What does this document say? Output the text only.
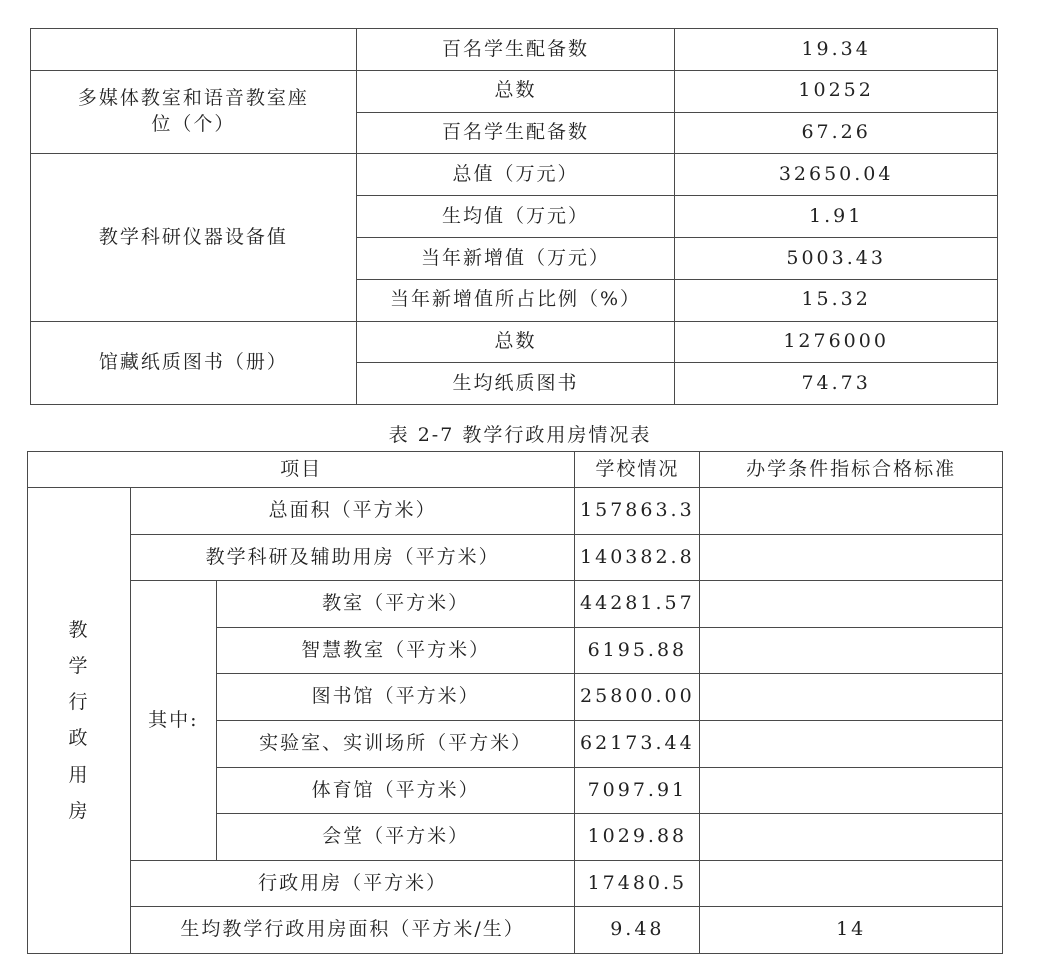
	百名学生配备数	19.34
多媒体教室和语音教室座位（个）	总数	10252
	百名学生配备数	67.26
教学科研仪器设备值	总值（万元）	32650.04
	生均值（万元）	1.91
	当年新增值（万元）	5003.43
	当年新增值所占比例（%）	15.32
馆藏纸质图书（册）	总数	1276000
	生均纸质图书	74.73
表 2-7 教学行政用房情况表
项目			学校情况	办学条件指标合格标准

教学行政用房	总面积（平方米）		157863.3	
	教学科研及辅助用房（平方米）		140382.8	
	其中:	教室（平方米）	44281.57	
		智慧教室（平方米）	6195.88	
		图书馆（平方米）	25800.00	
		实验室、实训场所（平方米）	62173.44	
		体育馆（平方米）	7097.91	
		会堂（平方米）	1029.88	
	行政用房（平方米）		17480.5	
	生均教学行政用房面积（平方米/生）		9.48	14
